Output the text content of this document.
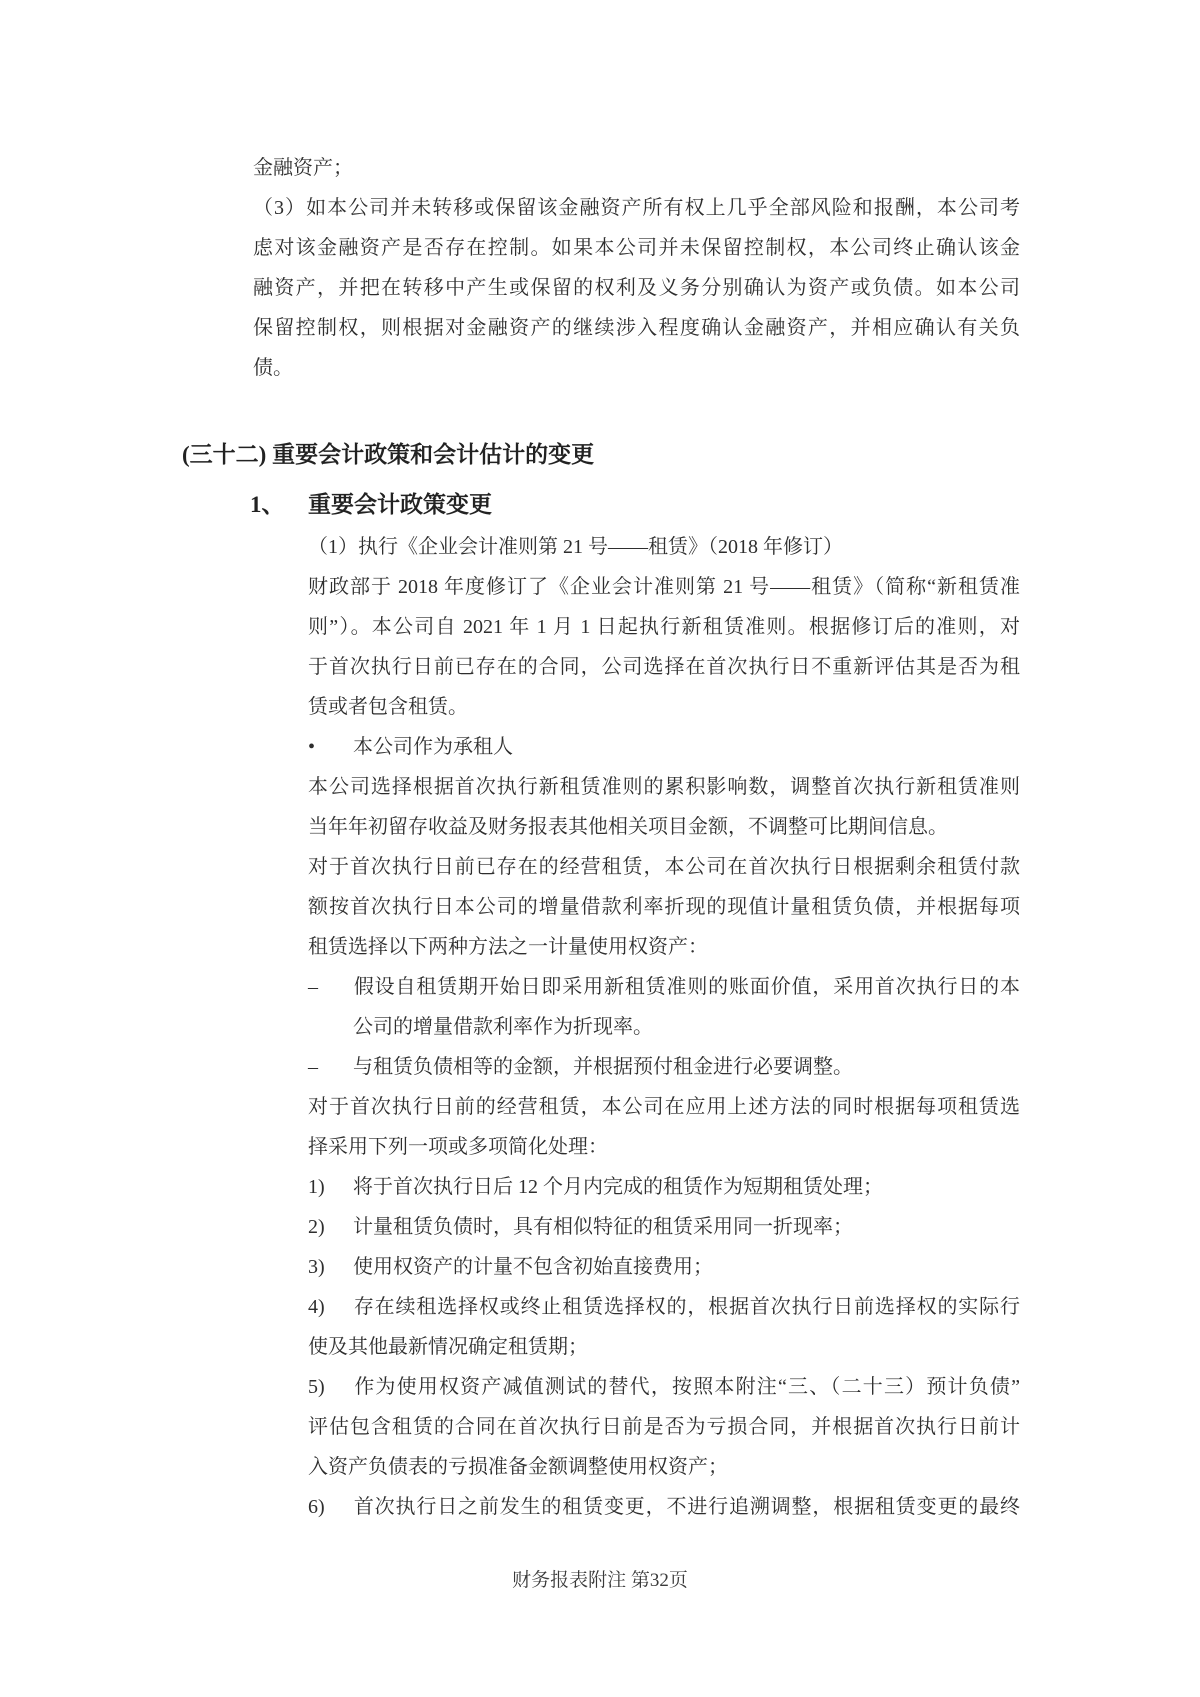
金融资产；
（3）如本公司并未转移或保留该金融资产所有权上几乎全部风险和报酬，本公司考
虑对该金融资产是否存在控制。如果本公司并未保留控制权，本公司终止确认该金
融资产，并把在转移中产生或保留的权利及义务分别确认为资产或负债。如本公司
保留控制权，则根据对金融资产的继续涉入程度确认金融资产，并相应确认有关负
债。
(三十二) 重要会计政策和会计估计的变更
1、 重要会计政策变更
（1）执行《企业会计准则第 21 号——租赁》（2018 年修订）
财政部于 2018 年度修订了《企业会计准则第 21 号——租赁》（简称“新租赁准
则”）。本公司自 2021 年 1 月 1 日起执行新租赁准则。根据修订后的准则，对
于首次执行日前已存在的合同，公司选择在首次执行日不重新评估其是否为租
赁或者包含租赁。
• 本公司作为承租人
本公司选择根据首次执行新租赁准则的累积影响数，调整首次执行新租赁准则
当年年初留存收益及财务报表其他相关项目金额，不调整可比期间信息。
对于首次执行日前已存在的经营租赁，本公司在首次执行日根据剩余租赁付款
额按首次执行日本公司的增量借款利率折现的现值计量租赁负债，并根据每项
租赁选择以下两种方法之一计量使用权资产：
– 假设自租赁期开始日即采用新租赁准则的账面价值，采用首次执行日的本
公司的增量借款利率作为折现率。
– 与租赁负债相等的金额，并根据预付租金进行必要调整。
对于首次执行日前的经营租赁，本公司在应用上述方法的同时根据每项租赁选
择采用下列一项或多项简化处理：
1) 将于首次执行日后 12 个月内完成的租赁作为短期租赁处理；
2) 计量租赁负债时，具有相似特征的租赁采用同一折现率；
3) 使用权资产的计量不包含初始直接费用；
4) 存在续租选择权或终止租赁选择权的，根据首次执行日前选择权的实际行
使及其他最新情况确定租赁期；
5) 作为使用权资产减值测试的替代，按照本附注“三、（二十三）预计负债”
评估包含租赁的合同在首次执行日前是否为亏损合同，并根据首次执行日前计
入资产负债表的亏损准备金额调整使用权资产；
6) 首次执行日之前发生的租赁变更，不进行追溯调整，根据租赁变更的最终
财务报表附注 第32页
